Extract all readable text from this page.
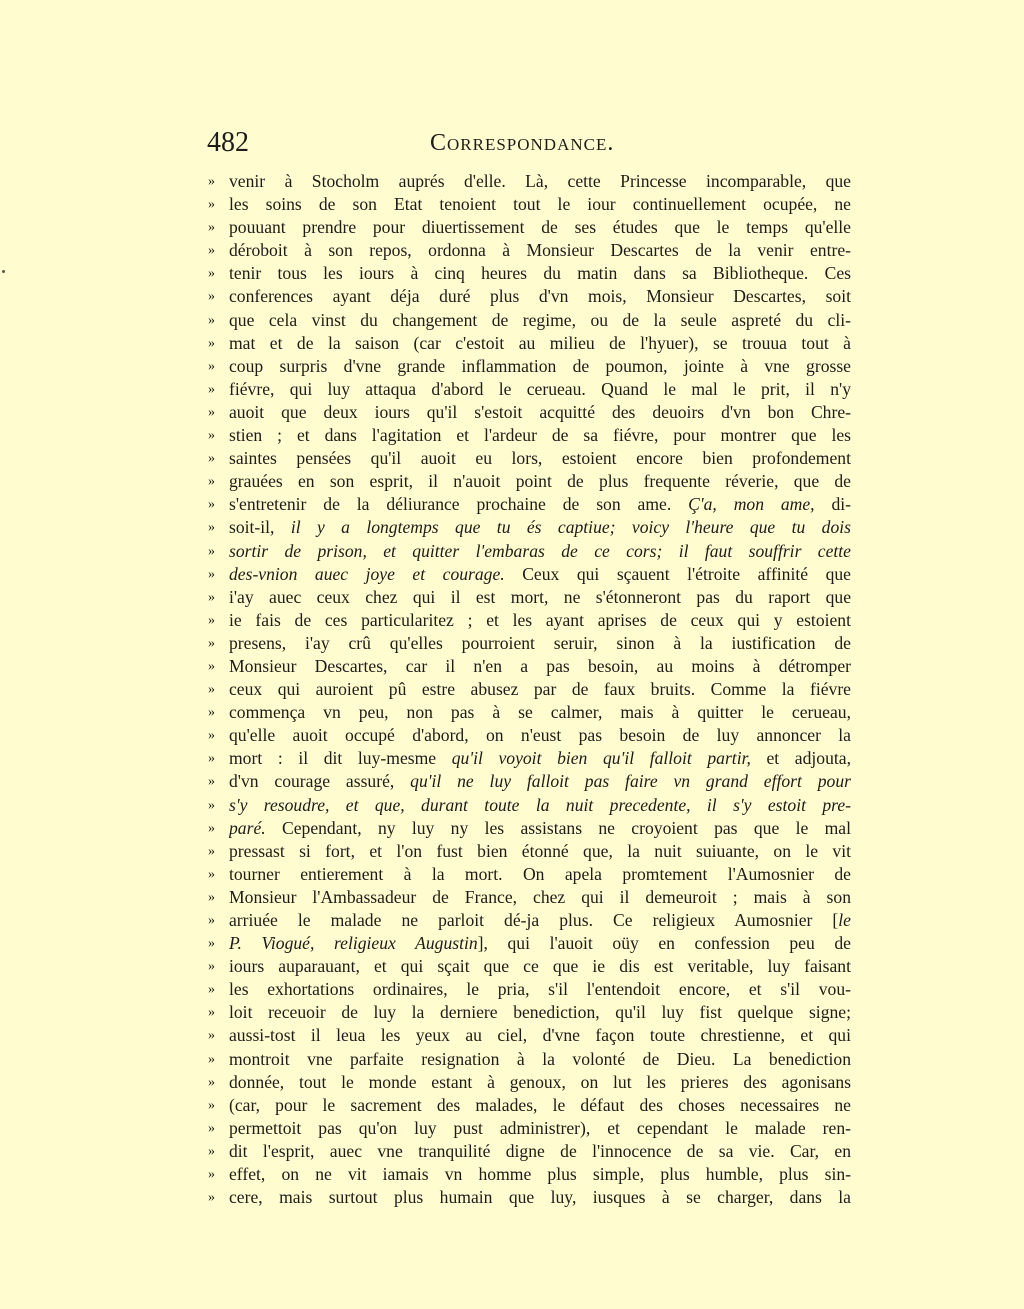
482	Correspondance.
» venir à Stocholm auprés d'elle. Là, cette Princesse incomparable, que
» les soins de son Etat tenoient tout le iour continuellement ocupée, ne
» pouuant prendre pour diuertissement de ses études que le temps qu'elle
» déroboit à son repos, ordonna à Monsieur Descartes de la venir entre-
» tenir tous les iours à cinq heures du matin dans sa Bibliotheque. Ces
» conferences ayant déja duré plus d'vn mois, Monsieur Descartes, soit
» que cela vinst du changement de regime, ou de la seule aspreté du cli-
» mat et de la saison (car c'estoit au milieu de l'hyuer), se trouua tout à
» coup surpris d'vne grande inflammation de poumon, jointe à vne grosse
» fiévre, qui luy attaqua d'abord le cerueau. Quand le mal le prit, il n'y
» auoit que deux iours qu'il s'estoit acquitté des deuoirs d'vn bon Chre-
» stien ; et dans l'agitation et l'ardeur de sa fiévre, pour montrer que les
» saintes pensées qu'il auoit eu lors, estoient encore bien profondement
» grauées en son esprit, il n'auoit point de plus frequente réverie, que de
» s'entretenir de la déliurance prochaine de son ame. Ç'a, mon ame, di-
» soit-il, il y a longtemps que tu és captiue; voicy l'heure que tu dois
» sortir de prison, et quitter l'embaras de ce cors; il faut souffrir cette
» des-vnion auec joye et courage. Ceux qui sçauent l'étroite affinité que
» i'ay auec ceux chez qui il est mort, ne s'étonneront pas du raport que
» ie fais de ces particularitez ; et les ayant aprises de ceux qui y estoient
» presens, i'ay crû qu'elles pourroient seruir, sinon à la iustification de
» Monsieur Descartes, car il n'en a pas besoin, au moins à détromper
» ceux qui auroient pû estre abusez par de faux bruits. Comme la fiévre
» commença vn peu, non pas à se calmer, mais à quitter le cerueau,
» qu'elle auoit occupé d'abord, on n'eust pas besoin de luy annoncer la
» mort : il dit luy-mesme qu'il voyoit bien qu'il falloit partir, et adjouta,
» d'vn courage assuré, qu'il ne luy falloit pas faire vn grand effort pour
» s'y resoudre, et que, durant toute la nuit precedente, il s'y estoit pre-
» paré. Cependant, ny luy ny les assistans ne croyoient pas que le mal
» pressast si fort, et l'on fust bien étonné que, la nuit suiuante, on le vit
» tourner entierement à la mort. On apela promtement l'Aumosnier de
» Monsieur l'Ambassadeur de France, chez qui il demeuroit ; mais à son
» arriuée le malade ne parloit dé-ja plus. Ce religieux Aumosnier [le
» P. Viogué, religieux Augustin], qui l'auoit oüy en confession peu de
» iours auparauant, et qui sçait que ce que ie dis est veritable, luy faisant
» les exhortations ordinaires, le pria, s'il l'entendoit encore, et s'il vou-
» loit receuoir de luy la derniere benediction, qu'il luy fist quelque signe;
» aussi-tost il leua les yeux au ciel, d'vne façon toute chrestienne, et qui
» montroit vne parfaite resignation à la volonté de Dieu. La benediction
» donnée, tout le monde estant à genoux, on lut les prieres des agonisans
» (car, pour le sacrement des malades, le défaut des choses necessaires ne
» permettoit pas qu'on luy pust administrer), et cependant le malade ren-
» dit l'esprit, auec vne tranquilité digne de l'innocence de sa vie. Car, en
» effet, on ne vit iamais vn homme plus simple, plus humble, plus sin-
» cere, mais surtout plus humain que luy, iusques à se charger, dans la
